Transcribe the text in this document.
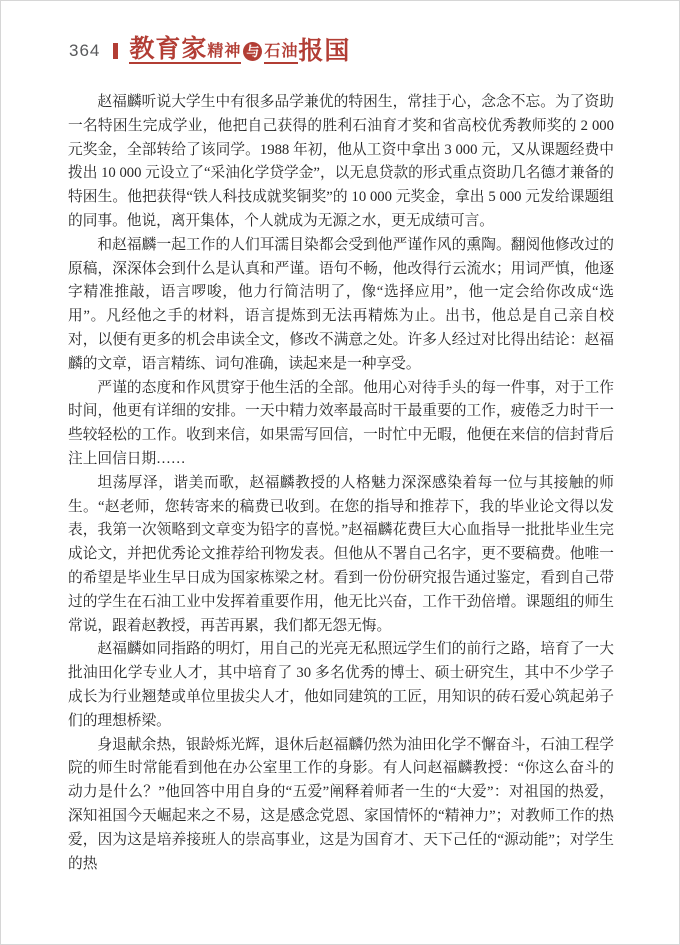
364 教育家 精神 与 石油 报国

赵福麟听说大学生中有很多品学兼优的特困生，常挂于心，念念不忘。为了资助一名特困生完成学业，他把自己获得的胜利石油育才奖和省高校优秀教师奖的 2 000 元奖金，全部转给了该同学。1988 年初，他从工资中拿出 3 000 元，又从课题经费中拨出 10 000 元设立了“采油化学贷学金”，以无息贷款的形式重点资助几名德才兼备的特困生。他把获得“铁人科技成就奖铜奖”的 10 000 元奖金，拿出 5 000 元发给课题组的同事。他说，离开集体，个人就成为无源之水，更无成绩可言。

和赵福麟一起工作的人们耳濡目染都会受到他严谨作风的熏陶。翻阅他修改过的原稿，深深体会到什么是认真和严谨。语句不畅，他改得行云流水；用词严慎，他逐字精准推敲，语言啰唆，他力行简洁明了，像“选择应用”，他一定会给你改成“选用”。凡经他之手的材料，语言提炼到无法再精炼为止。出书，他总是自己亲自校对，以便有更多的机会串读全文，修改不满意之处。许多人经过对比得出结论：赵福麟的文章，语言精练、词句准确，读起来是一种享受。

严谨的态度和作风贯穿于他生活的全部。他用心对待手头的每一件事，对于工作时间，他更有详细的安排。一天中精力效率最高时干最重要的工作，疲倦乏力时干一些较轻松的工作。收到来信，如果需写回信，一时忙中无暇，他便在来信的信封背后注上回信日期……

坦荡厚泽，谐美而歌，赵福麟教授的人格魅力深深感染着每一位与其接触的师生。“赵老师，您转寄来的稿费已收到。在您的指导和推荐下，我的毕业论文得以发表，我第一次领略到文章变为铅字的喜悦。”赵福麟花费巨大心血指导一批批毕业生完成论文，并把优秀论文推荐给刊物发表。但他从不署自己名字，更不要稿费。他唯一的希望是毕业生早日成为国家栋梁之材。看到一份份研究报告通过鉴定，看到自己带过的学生在石油工业中发挥着重要作用，他无比兴奋，工作干劲倍增。课题组的师生常说，跟着赵教授，再苦再累，我们都无怨无悔。

赵福麟如同指路的明灯，用自己的光亮无私照远学生们的前行之路，培育了一大批油田化学专业人才，其中培育了 30 多名优秀的博士、硕士研究生，其中不少学子成长为行业翘楚或单位里拔尖人才，他如同建筑的工匠，用知识的砖石爱心筑起弟子们的理想桥梁。

身退献余热，银龄烁光辉，退休后赵福麟仍然为油田化学不懈奋斗，石油工程学院的师生时常能看到他在办公室里工作的身影。有人问赵福麟教授：“你这么奋斗的动力是什么？”他回答中用自身的“五爱”阐释着师者一生的“大爱”：对祖国的热爱，深知祖国今天崛起来之不易，这是感念党恩、家国情怀的“精神力”；对教师工作的热爱，因为这是培养接班人的崇高事业，这是为国育才、天下己任的“源动能”；对学生的热
